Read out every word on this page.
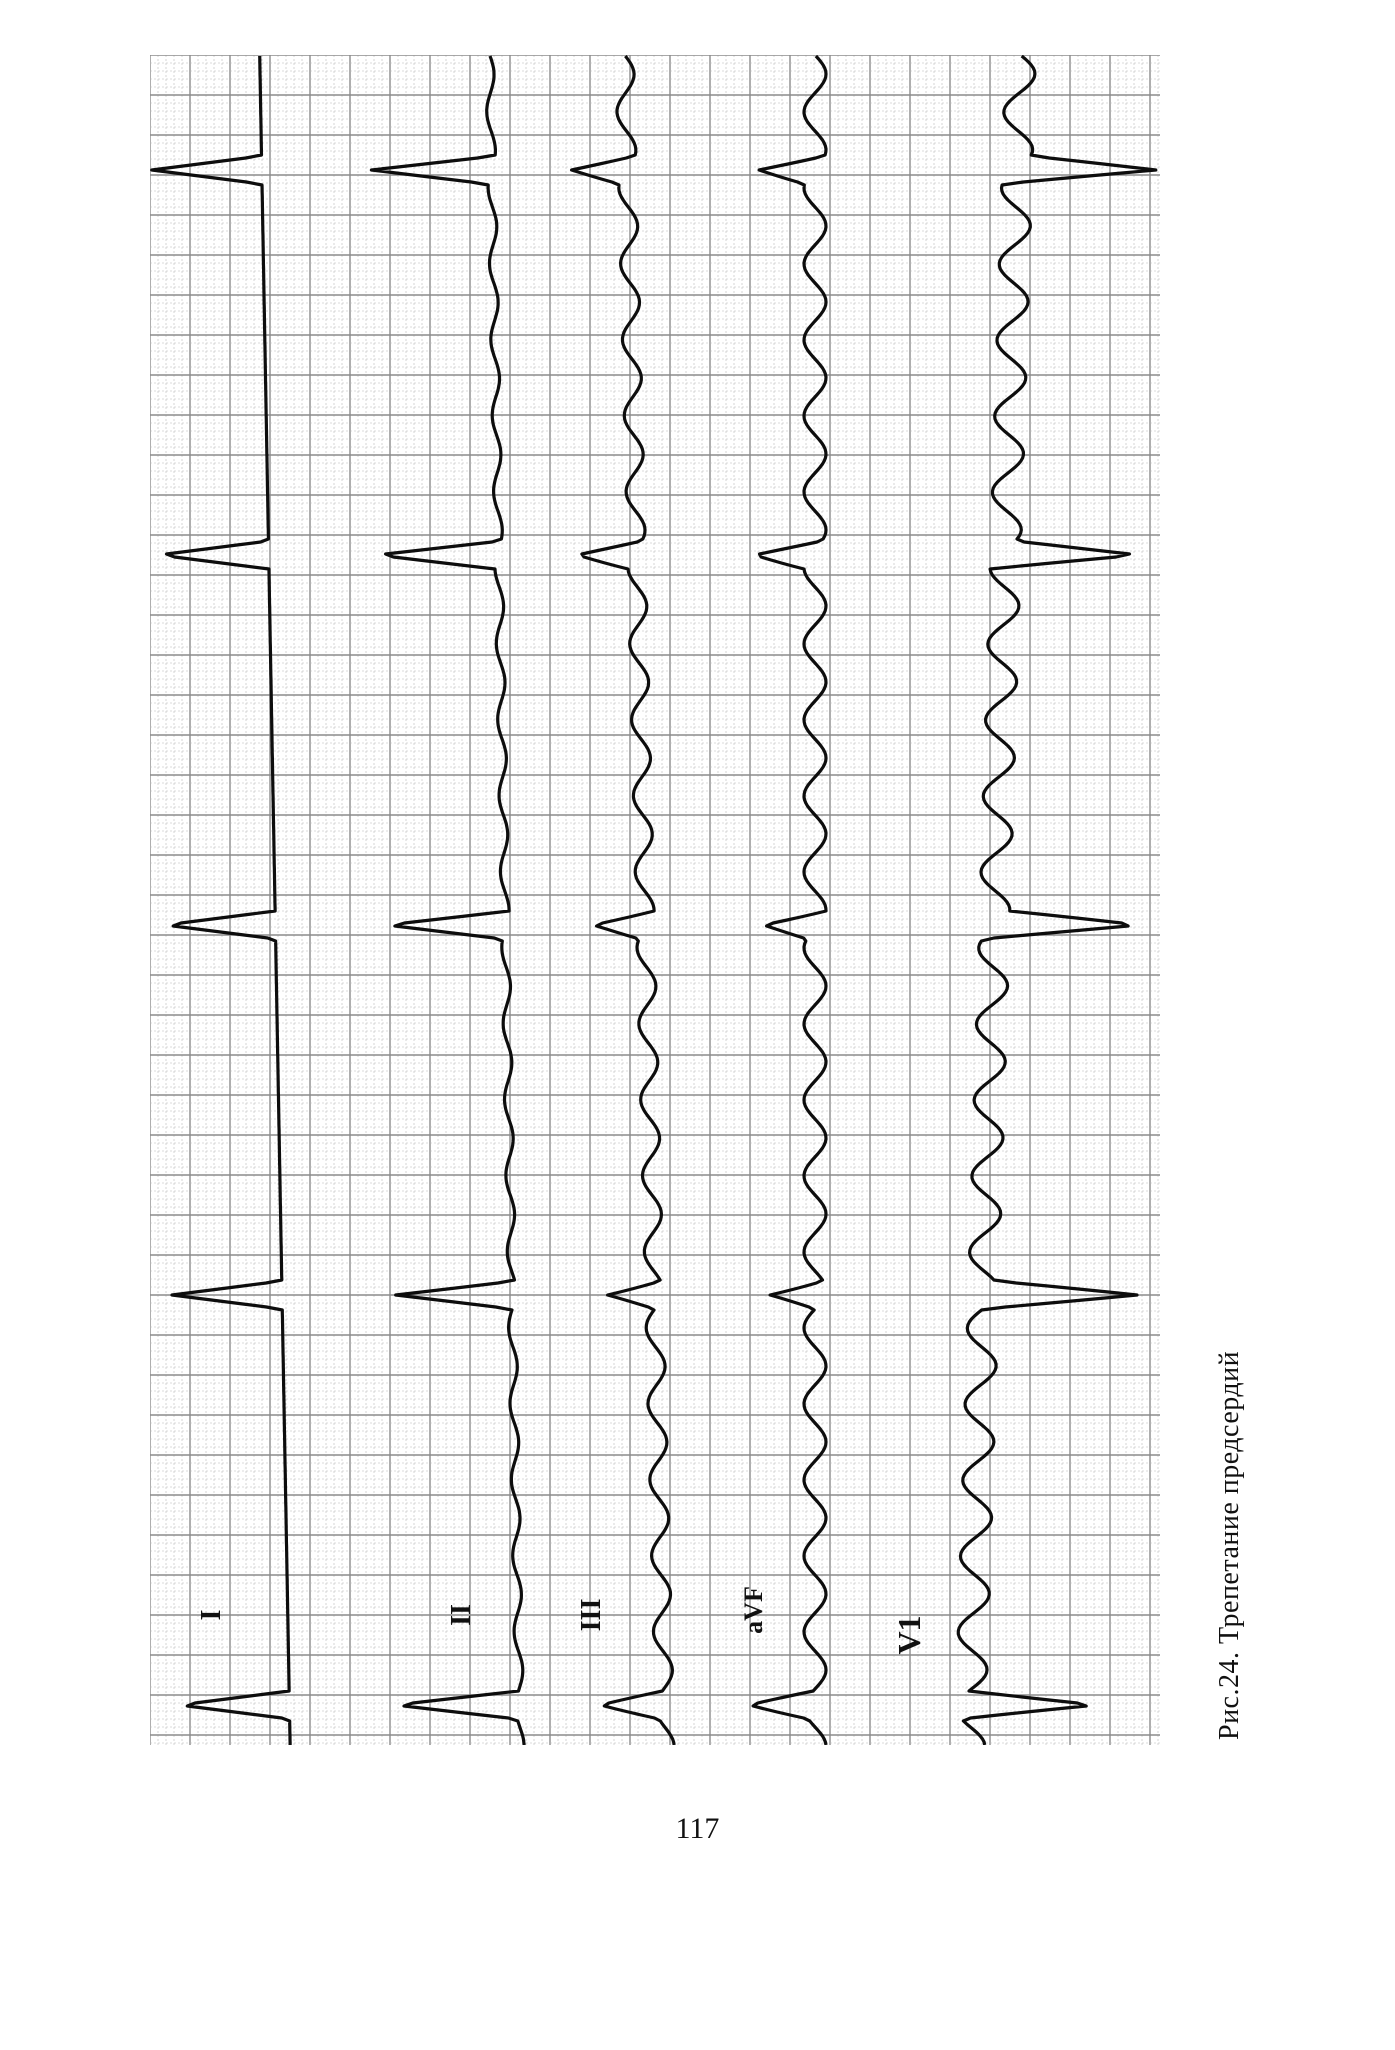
I	II	III	aVF
V1	Рис.24. Трепетание предсердий
117
